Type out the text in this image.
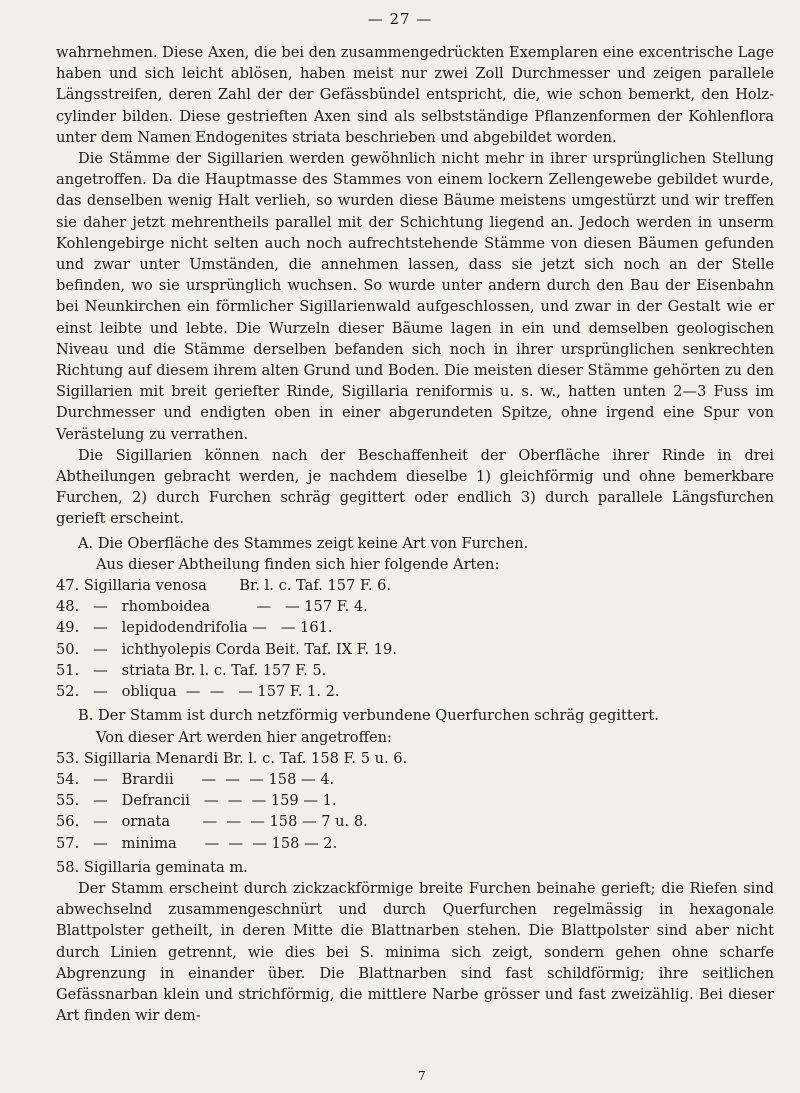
— 27 —

wahrnehmen. Diese Axen, die bei den zusammengedrückten Exemplaren eine excentrische Lage haben und sich leicht ablösen, haben meist nur zwei Zoll Durchmesser und zeigen parallele Längsstreifen, deren Zahl der der Gefässbündel entspricht, die, wie schon bemerkt, den Holz-cylinder bilden. Diese gestrieften Axen sind als selbstständige Pflanzenformen der Kohlenflora unter dem Namen Endogenites striata beschrieben und abgebildet worden.

Die Stämme der Sigillarien werden gewöhnlich nicht mehr in ihrer ursprünglichen Stellung angetroffen. Da die Hauptmasse des Stammes von einem lockern Zellengewebe gebildet wurde, das denselben wenig Halt verlieh, so wurden diese Bäume meistens umgestürzt und wir treffen sie daher jetzt mehrentheils parallel mit der Schichtung liegend an. Jedoch werden in unserm Kohlengebirge nicht selten auch noch aufrechtstehende Stämme von diesen Bäumen gefunden und zwar unter Umständen, die annehmen lassen, dass sie jetzt sich noch an der Stelle befinden, wo sie ursprünglich wuchsen. So wurde unter andern durch den Bau der Eisenbahn bei Neunkirchen ein förmlicher Sigillarienwald aufgeschlossen, und zwar in der Gestalt wie er einst leibte und lebte. Die Wurzeln dieser Bäume lagen in ein und demselben geologischen Niveau und die Stämme derselben befanden sich noch in ihrer ursprünglichen senkrechten Richtung auf diesem ihrem alten Grund und Boden. Die meisten dieser Stämme gehörten zu den Sigillarien mit breit geriefter Rinde, Sigillaria reniformis u. s. w., hatten unten 2—3 Fuss im Durchmesser und endigten oben in einer abgerundeten Spitze, ohne irgend eine Spur von Verästelung zu verrathen.

Die Sigillarien können nach der Beschaffenheit der Oberfläche ihrer Rinde in drei Abtheilungen gebracht werden, je nachdem dieselbe 1) gleichförmig und ohne bemerkbare Furchen, 2) durch Furchen schräg gegittert oder endlich 3) durch parallele Längsfurchen gerieft erscheint.

A. Die Oberfläche des Stammes zeigt keine Art von Furchen.

Aus dieser Abtheilung finden sich hier folgende Arten:

47. Sigillaria venosa       Br. l. c. Taf. 157 F. 6.
48.   —   rhomboidea          —   — 157 F. 4.
49.   —   lepidodendrifolia —   — 161.
50.   —   ichthyolepis Corda Beit. Taf. IX F. 19.
51.   —   striata Br. l. c. Taf. 157 F. 5.
52.   —   obliqua  —  —   — 157 F. 1. 2.

B. Der Stamm ist durch netzförmig verbundene Querfurchen schräg gegittert.

Von dieser Art werden hier angetroffen:

53. Sigillaria Menardi Br. l. c. Taf. 158 F. 5 u. 6.
54.   —   Brardii      —  —  — 158 — 4.
55.   —   Defrancii   —  —  — 159 — 1.
56.   —   ornata       —  —  — 158 — 7 u. 8.
57.   —   minima      —  —  — 158 — 2.

58. Sigillaria geminata m.

Der Stamm erscheint durch zickzackförmige breite Furchen beinahe gerieft; die Riefen sind abwechselnd zusammengeschnürt und durch Querfurchen regelmässig in hexagonale Blattpolster getheilt, in deren Mitte die Blattnarben stehen. Die Blattpolster sind aber nicht durch Linien getrennt, wie dies bei S. minima sich zeigt, sondern gehen ohne scharfe Abgrenzung in einander über. Die Blattnarben sind fast schildförmig; ihre seitlichen Gefässnarban klein und strichförmig, die mittlere Narbe grösser und fast zweizählig. Bei dieser Art finden wir dem-

7
